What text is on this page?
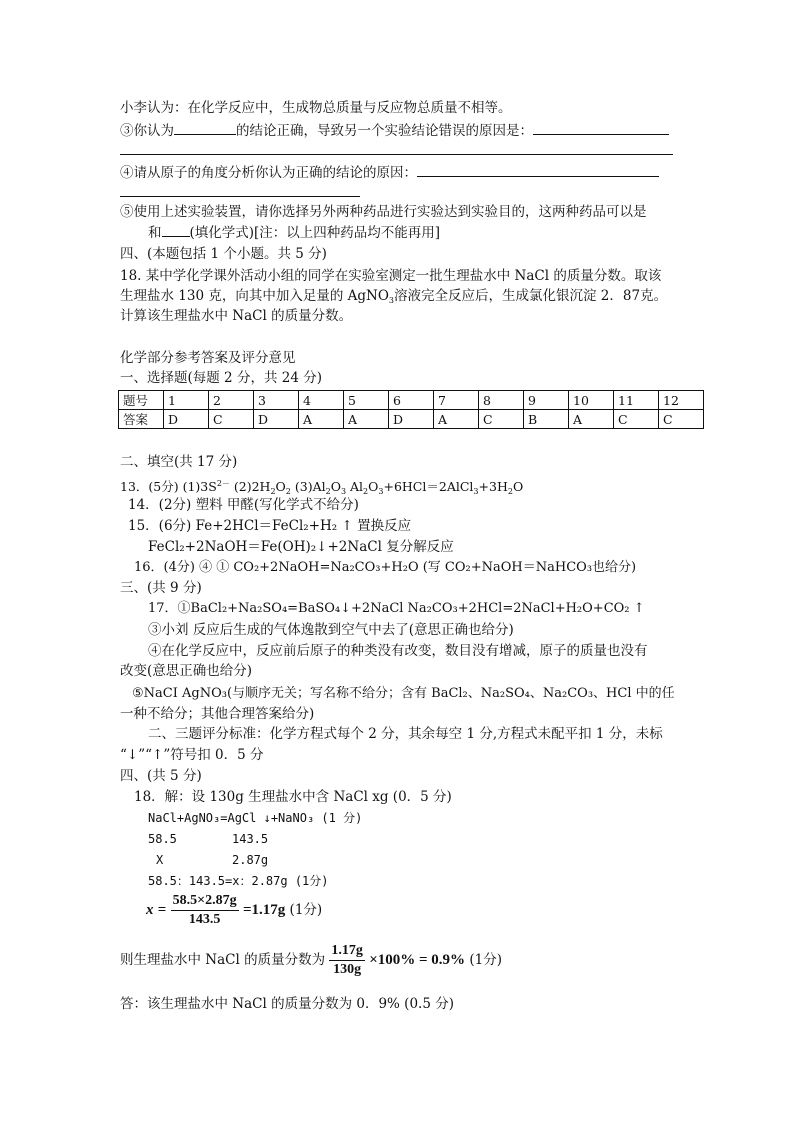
小李认为：在化学反应中，生成物总质量与反应物总质量不相等。
③你认为	的结论正确，导致另一个实验结论错误的原因是：
④请从原子的角度分析你认为正确的结论的原因：
⑤使用上述实验装置，请你选择另外两种药品进行实验达到实验目的，这两种药品可以是
和 (填化学式)[注：以上四种药品均不能再用]
四、(本题包括 1 个小题。共 5 分)
18. 某中学化学课外活动小组的同学在实验室测定一批生理盐水中 NaCl 的质量分数。取该
生理盐水 130 克，向其中加入足量的 AgNO$_3$溶液完全反应后，生成氯化银沉淀 2．87克。
计算该生理盐水中 NaCl 的质量分数。
化学部分参考答案及评分意见
一、选择题(每题 2 分，共 24 分)
题号	1	2	3	4	5	6	7	8	9	10	11	12
答案	D	C	D	A	A	D	A	C	B	A	C	C
二、填空(共 17 分)
13．(5分) $(1)3S^{2-}$ $(2)2H_2O_2$ $(3)Al_2O_3$ $Al_2O_3+6HCl=2AlCl_3+3H_2O$
14．(2分) 塑料 甲醛(写化学式不给分)
15．(6分) Fe+2HCl＝FeCl₂+H₂ ↑ 置换反应
FeCl₂+2NaOH＝Fe(OH)₂↓+2NaCl 复分解反应
16．(4分) ④ ① CO₂+2NaOH=Na₂CO₃+H₂O (写 CO₂+NaOH＝NaHCO₃也给分)
三、(共 9 分)
17．①BaCl₂+Na₂SO₄=BaSO₄↓+2NaCl Na₂CO₃+2HCl=2NaCl+H₂O+CO₂ ↑
③小刘 反应后生成的气体逸散到空气中去了(意思正确也给分)
④在化学反应中，反应前后原子的种类没有改变，数目没有增减，原子的质量也没有
改变(意思正确也给分)
⑤NaCI AgNO₃(与顺序无关；写名称不给分；含有 BaCl₂、Na₂SO₄、Na₂CO₃、HCl 中的任
一种不给分；其他合理答案给分)
二、三题评分标准：化学方程式每个 2 分，其余每空 1 分,方程式未配平扣 1 分，未标
“↓”“↑”符号扣 0．5 分
四、(共 5 分)
18．解：设 130g 生理盐水中含 NaCl xg (0．5 分)
NaCl+AgNO₃=AgCl ↓+NaNO₃ (1 分)
58.5	143.5
X	2.87g
58.5：143.5=x：2.87g (1分)
$x = \frac{58.5\times 2.87g}{143.5} =1.17g$ (1分)
则生理盐水中 NaCl 的质量分数为 $\frac{1.17g}{130g} \times 100\% = 0.9\%$ (1分)
答：该生理盐水中 NaCl 的质量分数为 0．9% (0.5 分)
